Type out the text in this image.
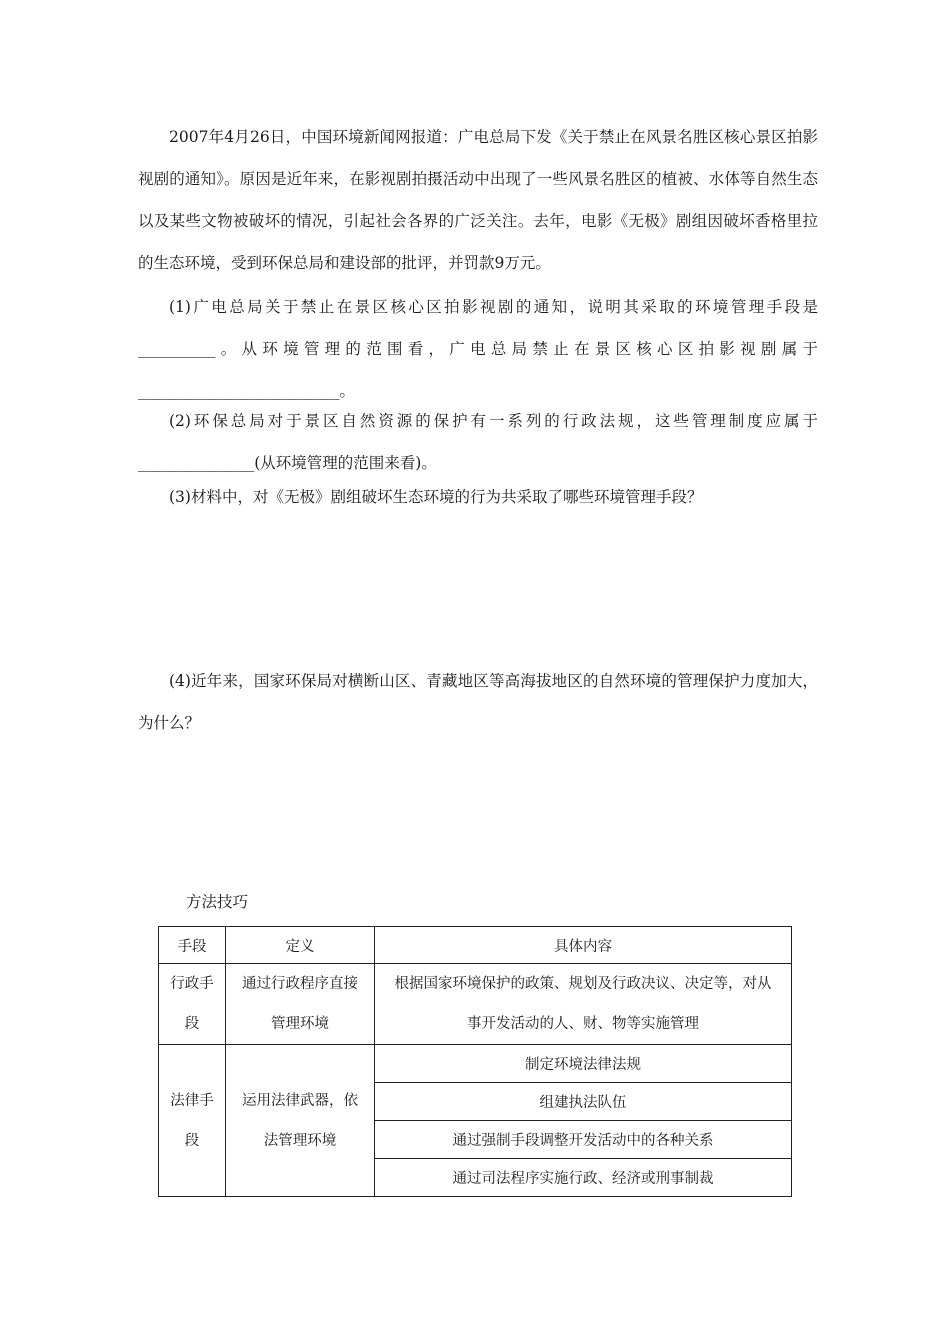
2007年4月26日，中国环境新闻网报道：广电总局下发《关于禁止在风景名胜区核心景区拍影视剧的通知》。原因是近年来，在影视剧拍摄活动中出现了一些风景名胜区的植被、水体等自然生态以及某些文物被破坏的情况，引起社会各界的广泛关注。去年，电影《无极》剧组因破坏香格里拉的生态环境，受到环保总局和建设部的批评，并罚款9万元。

(1)广电总局关于禁止在景区核心区拍影视剧的通知，说明其采取的环境管理手段是__________。从环境管理的范围看，广电总局禁止在景区核心区拍影视剧属于__________________________。

(2)环保总局对于景区自然资源的保护有一系列的行政法规，这些管理制度应属于_______________(从环境管理的范围来看)。

(3)材料中，对《无极》剧组破坏生态环境的行为共采取了哪些环境管理手段？

(4)近年来，国家环保局对横断山区、青藏地区等高海拔地区的自然环境的管理保护力度加大，为什么？

方法技巧
手段	定义	具体内容
行政手段	通过行政程序直接管理环境	根据国家环境保护的政策、规划及行政决议、决定等，对从事开发活动的人、财、物等实施管理
法律手段	运用法律武器，依法管理环境	制定环境法律法规
		组建执法队伍
		通过强制手段调整开发活动中的各种关系
		通过司法程序实施行政、经济或刑事制裁
